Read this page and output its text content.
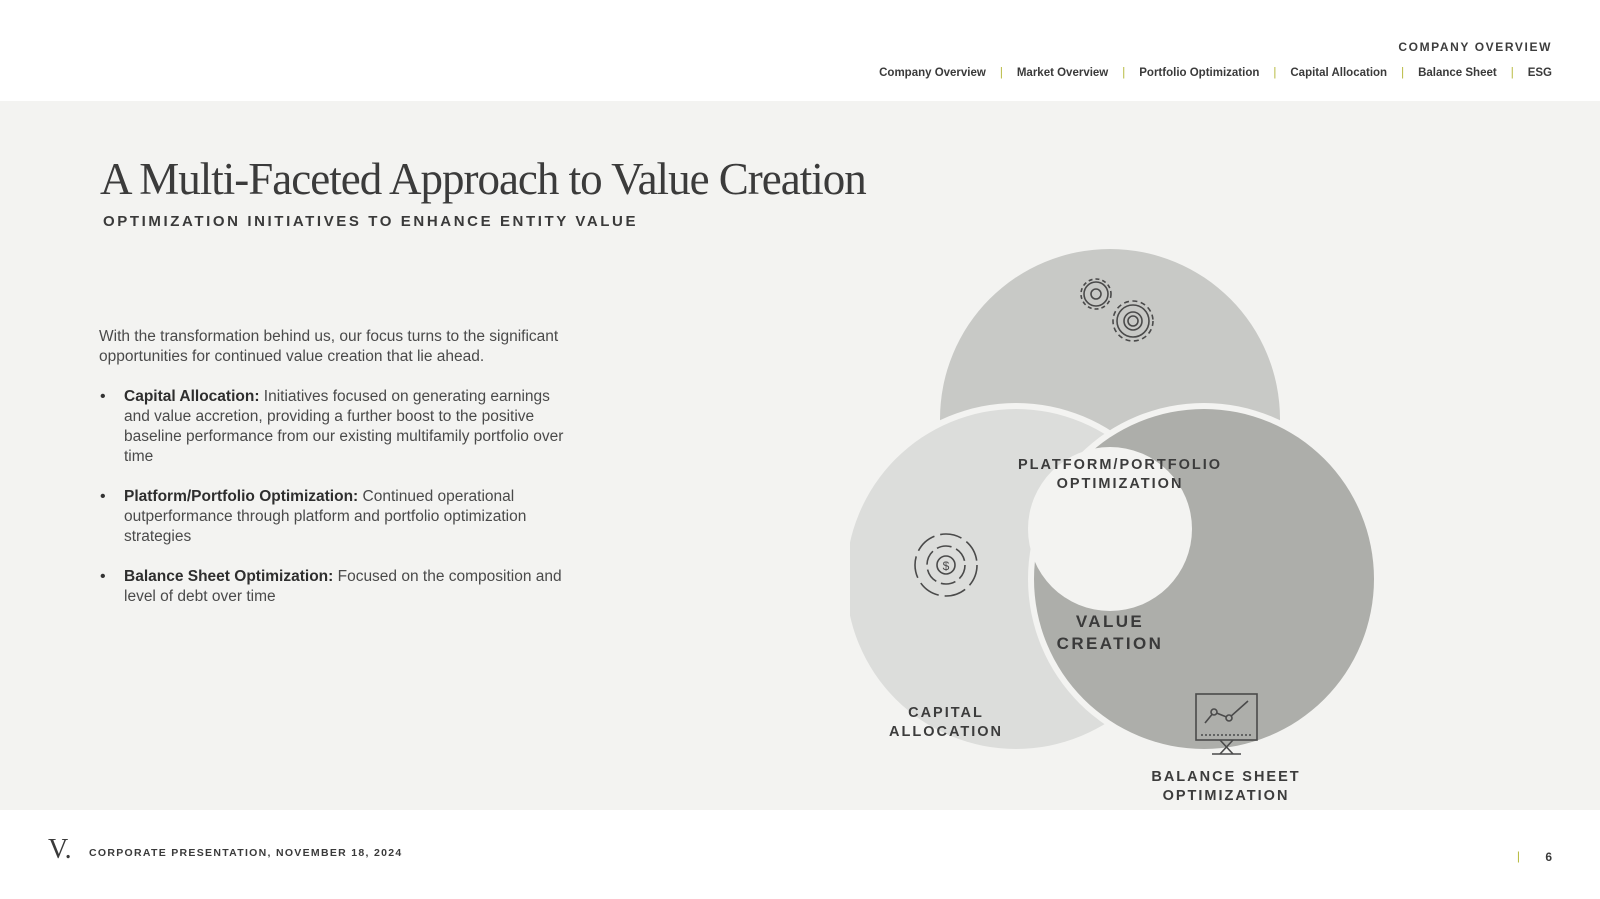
COMPANY OVERVIEW
Company Overview | Market Overview | Portfolio Optimization | Capital Allocation | Balance Sheet | ESG
A Multi-Faceted Approach to Value Creation
OPTIMIZATION INITIATIVES TO ENHANCE ENTITY VALUE

With the transformation behind us, our focus turns to the significant opportunities for continued value creation that lie ahead.

• Capital Allocation: Initiatives focused on generating earnings and value accretion, providing a further boost to the positive baseline performance from our existing multifamily portfolio over time
• Platform/Portfolio Optimization: Continued operational outperformance through platform and portfolio optimization strategies
• Balance Sheet Optimization: Focused on the composition and level of debt over time
$
PLATFORM/PORTFOLIO
OPTIMIZATION
VALUE
CREATION
CAPITAL
ALLOCATION
BALANCE SHEET
OPTIMIZATION
V. CORPORATE PRESENTATION, NOVEMBER 18, 2024	| 6
